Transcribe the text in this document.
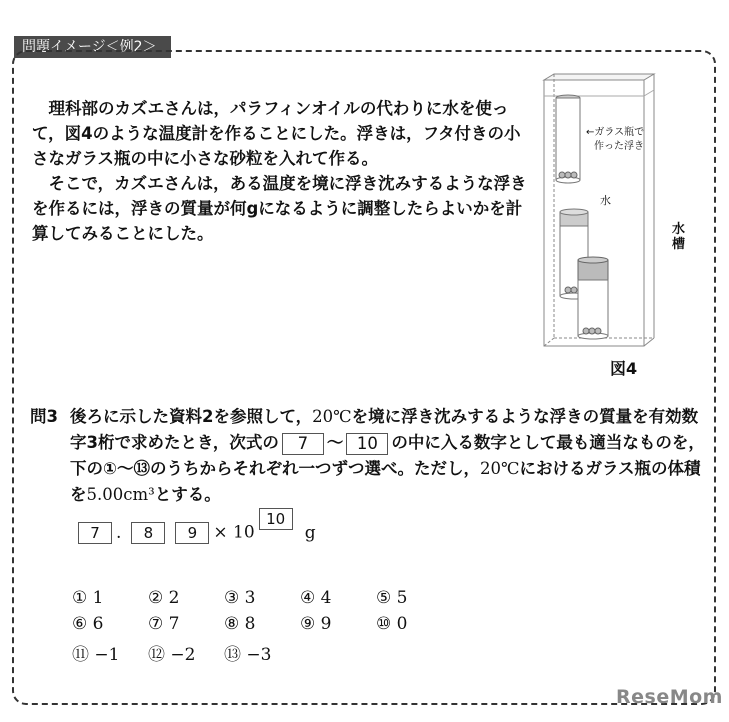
問題イメージ＜例2＞

理科部のカズエさんは，パラフィンオイルの代わりに水を使って，図4のような温度計を作ることにした。浮きは，フタ付きの小さなガラス瓶の中に小さな砂粒を入れて作る。

そこで，カズエさんは，ある温度を境に浮き沈みするような浮きを作るには，浮きの質量が何gになるように調整したらよいかを計算してみることにした。

←ガラス瓶で
作った浮き
水
水槽
図4
問3 後ろに示した資料2を参照して，20℃を境に浮き沈みするような浮きの質量を有効数字3桁で求めたとき，次式の 7 ～ 10 の中に入る数字として最も適当なものを，下の①～⑬のうちからそれぞれ一つずつ選べ。ただし，20℃におけるガラス瓶の体積を5.00cm³とする。
7 . 8 9 × 1010g
① 1	② 2	③ 3	④ 4	⑤ 5
⑥ 6	⑦ 7	⑧ 8	⑨ 9	⑩ 0
⑪ −1 ⑫ −2 ⑬ −3
ReseMom
